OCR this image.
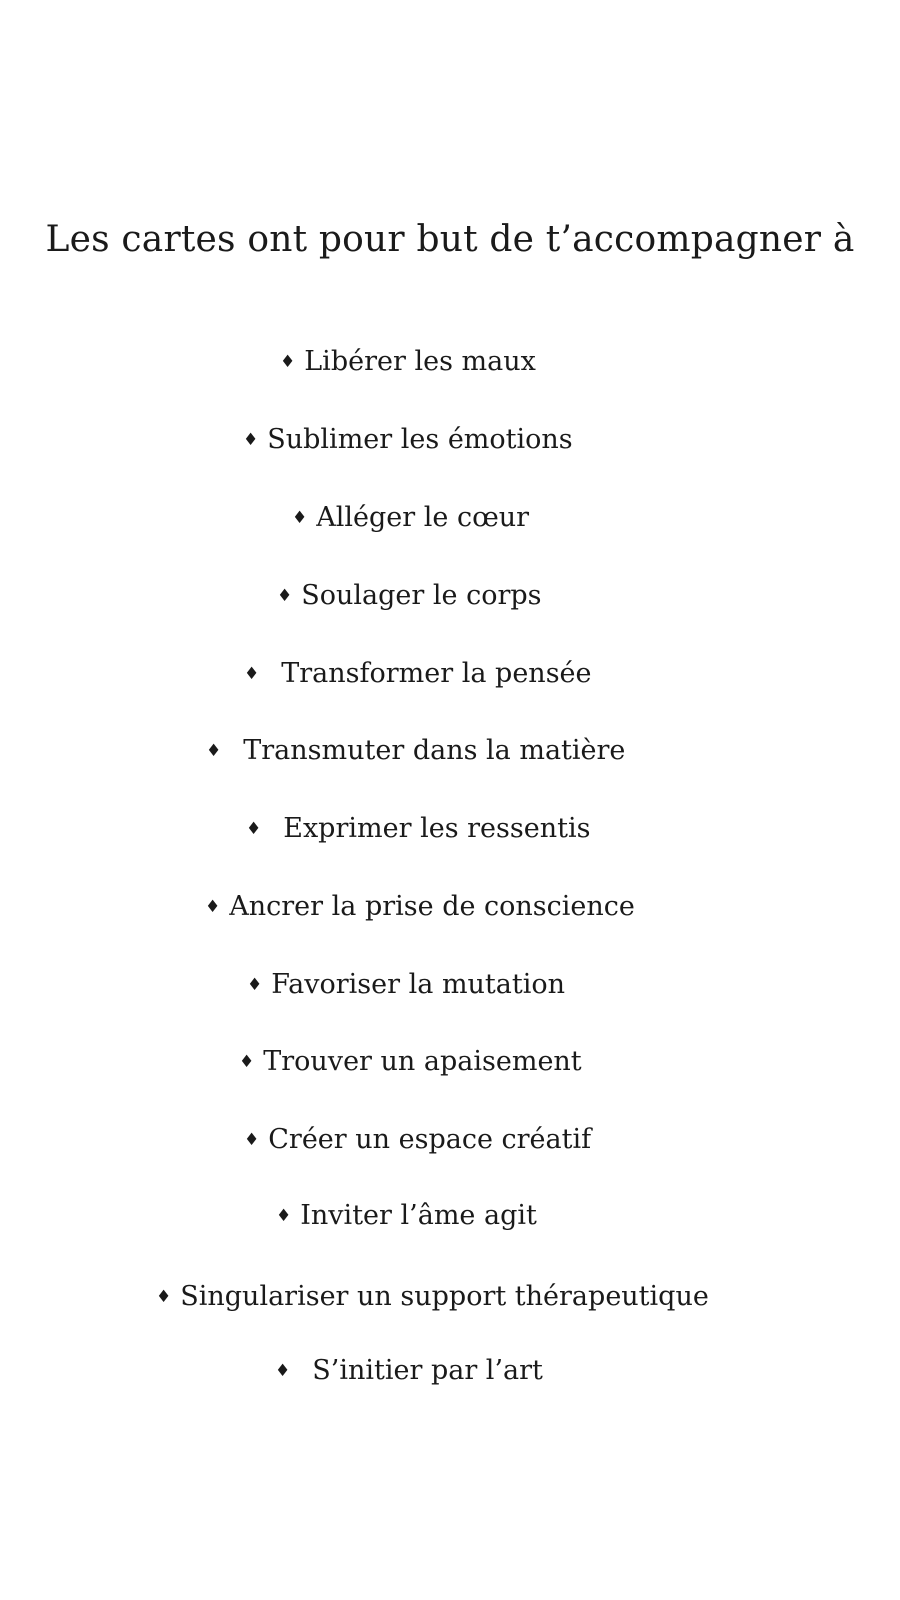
Les cartes ont pour but de t’accompagner à
♦ Libérer les maux
♦ Sublimer les émotions
♦ Alléger le cœur
♦ Soulager le corps
♦ Transformer la pensée
♦ Transmuter dans la matière
♦ Exprimer les ressentis
♦ Ancrer la prise de conscience
♦ Favoriser la mutation
♦ Trouver un apaisement
♦ Créer un espace créatif
♦ Inviter l’âme agit
♦ Singulariser un support thérapeutique
♦ S’initier par l’art
